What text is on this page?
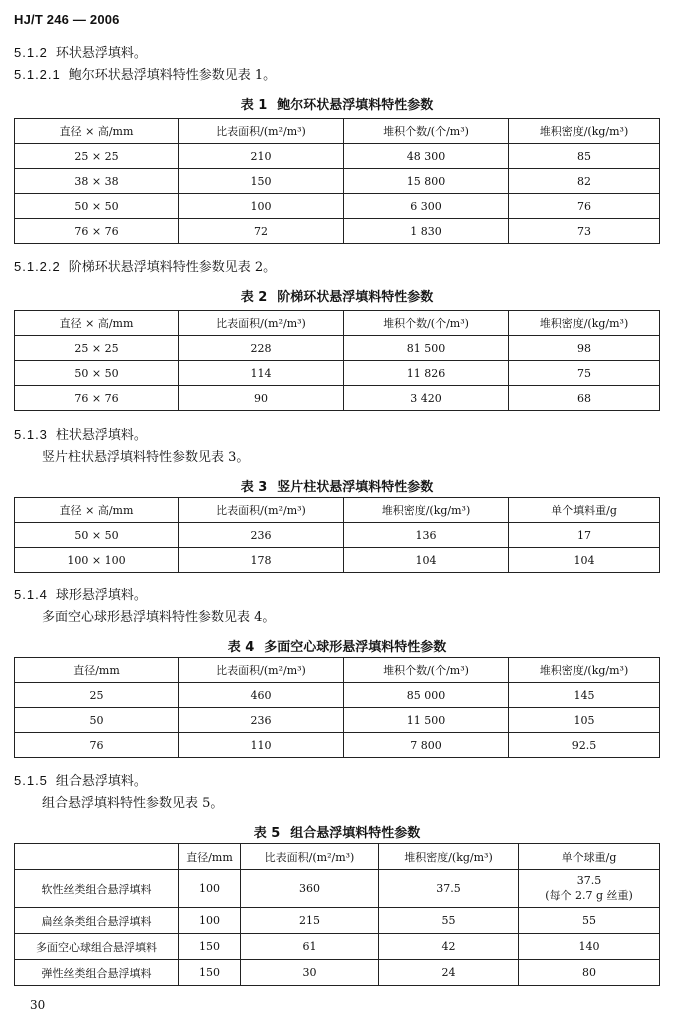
HJ/T 246 — 2006
5.1.2 环状悬浮填料。
5.1.2.1 鲍尔环状悬浮填料特性参数见表 1。
表 1 鲍尔环状悬浮填料特性参数
直径 × 高/mm	比表面积/(m²/m³)	堆积个数/(个/m³)	堆积密度/(kg/m³)
25 × 25	210	48 300	85
38 × 38	150	15 800	82
50 × 50	100	6 300	76
76 × 76	72	1 830	73
5.1.2.2 阶梯环状悬浮填料特性参数见表 2。
表 2 阶梯环状悬浮填料特性参数
直径 × 高/mm	比表面积/(m²/m³)	堆积个数/(个/m³)	堆积密度/(kg/m³)
25 × 25	228	81 500	98
50 × 50	114	11 826	75
76 × 76	90	3 420	68
5.1.3 柱状悬浮填料。
竖片柱状悬浮填料特性参数见表 3。
表 3 竖片柱状悬浮填料特性参数
直径 × 高/mm	比表面积/(m²/m³)	堆积密度/(kg/m³)	单个填料重/g
50 × 50	236	136	17
100 × 100	178	104	104
5.1.4 球形悬浮填料。
多面空心球形悬浮填料特性参数见表 4。
表 4 多面空心球形悬浮填料特性参数
直径/mm	比表面积/(m²/m³)	堆积个数/(个/m³)	堆积密度/(kg/m³)
25	460	85 000	145
50	236	11 500	105
76	110	7 800	92.5
5.1.5 组合悬浮填料。
组合悬浮填料特性参数见表 5。
表 5 组合悬浮填料特性参数
	直径/mm	比表面积/(m²/m³)	堆积密度/(kg/m³)	单个球重/g
软性丝类组合悬浮填料	100	360	37.5	37.5
(每个 2.7 g 丝重)

扁丝条类组合悬浮填料	100	215	55	55
多面空心球组合悬浮填料	150	61	42	140
弹性丝类组合悬浮填料	150	30	24	80
30
